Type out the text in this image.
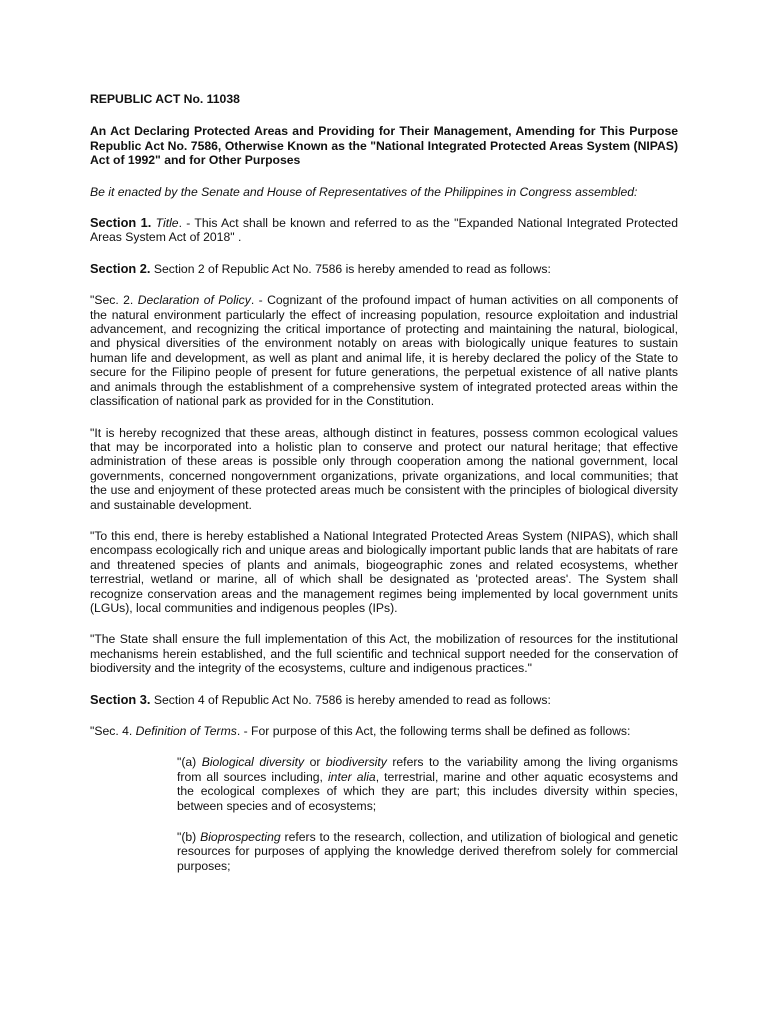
REPUBLIC ACT No. 11038

An Act Declaring Protected Areas and Providing for Their Management, Amending for This Purpose Republic Act No. 7586, Otherwise Known as the "National Integrated Protected Areas System (NIPAS) Act of 1992" and for Other Purposes

Be it enacted by the Senate and House of Representatives of the Philippines in Congress assembled:

Section 1. Title. - This Act shall be known and referred to as the "Expanded National Integrated Protected Areas System Act of 2018" .

Section 2. Section 2 of Republic Act No. 7586 is hereby amended to read as follows:

"Sec. 2. Declaration of Policy. - Cognizant of the profound impact of human activities on all components of the natural environment particularly the effect of increasing population, resource exploitation and industrial advancement, and recognizing the critical importance of protecting and maintaining the natural, biological, and physical diversities of the environment notably on areas with biologically unique features to sustain human life and development, as well as plant and animal life, it is hereby declared the policy of the State to secure for the Filipino people of present for future generations, the perpetual existence of all native plants and animals through the establishment of a comprehensive system of integrated protected areas within the classification of national park as provided for in the Constitution.

"It is hereby recognized that these areas, although distinct in features, possess common ecological values that may be incorporated into a holistic plan to conserve and protect our natural heritage; that effective administration of these areas is possible only through cooperation among the national government, local governments, concerned nongovernment organizations, private organizations, and local communities; that the use and enjoyment of these protected areas much be consistent with the principles of biological diversity and sustainable development.

"To this end, there is hereby established a National Integrated Protected Areas System (NIPAS), which shall encompass ecologically rich and unique areas and biologically important public lands that are habitats of rare and threatened species of plants and animals, biogeographic zones and related ecosystems, whether terrestrial, wetland or marine, all of which shall be designated as 'protected areas'. The System shall recognize conservation areas and the management regimes being implemented by local government units (LGUs), local communities and indigenous peoples (IPs).

"The State shall ensure the full implementation of this Act, the mobilization of resources for the institutional mechanisms herein established, and the full scientific and technical support needed for the conservation of biodiversity and the integrity of the ecosystems, culture and indigenous practices."

Section 3. Section 4 of Republic Act No. 7586 is hereby amended to read as follows:

"Sec. 4. Definition of Terms. - For purpose of this Act, the following terms shall be defined as follows:

"(a) Biological diversity or biodiversity refers to the variability among the living organisms from all sources including, inter alia, terrestrial, marine and other aquatic ecosystems and the ecological complexes of which they are part; this includes diversity within species, between species and of ecosystems;

"(b) Bioprospecting refers to the research, collection, and utilization of biological and genetic resources for purposes of applying the knowledge derived therefrom solely for commercial purposes;
